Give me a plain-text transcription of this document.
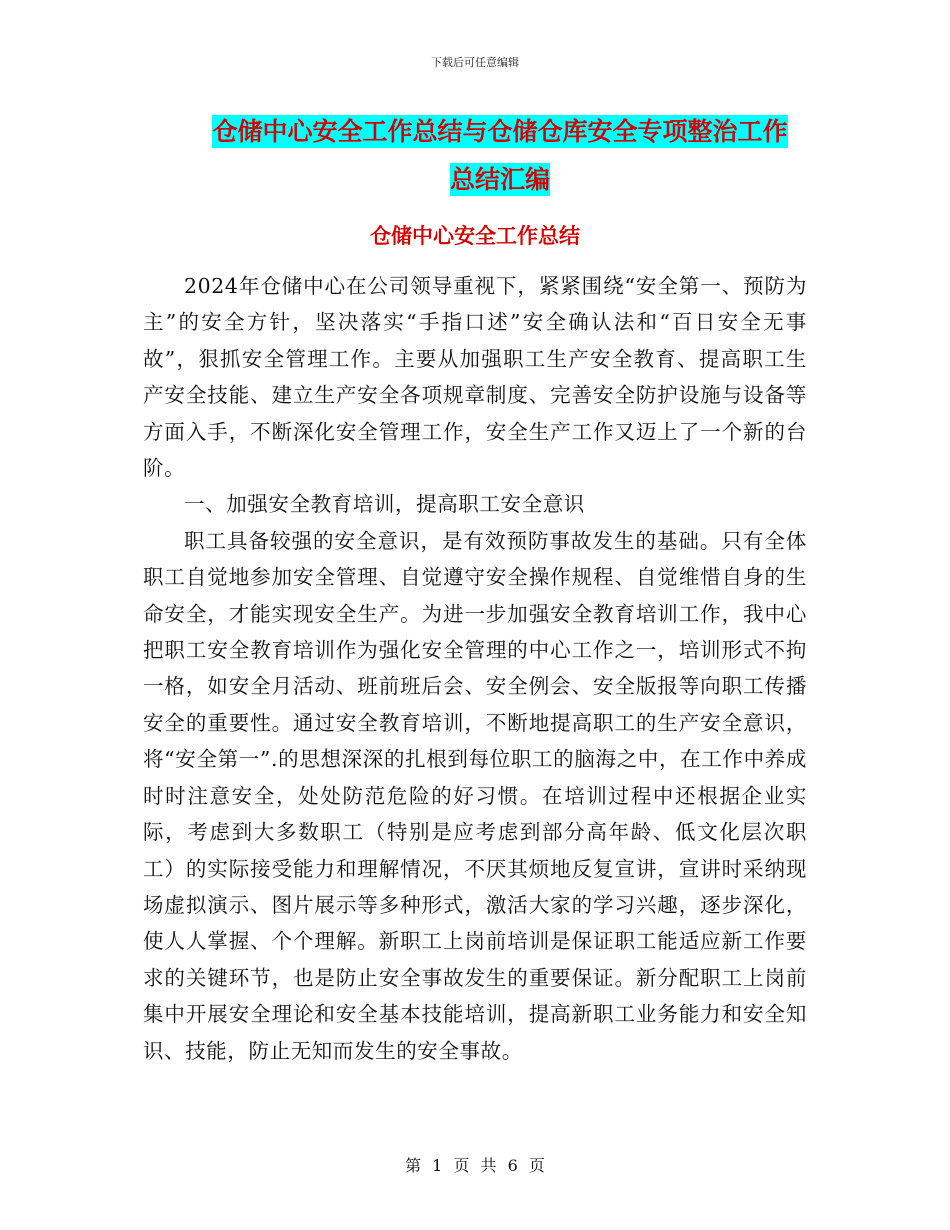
下载后可任意编辑
仓储中心安全工作总结与仓储仓库安全专项整治工作
总结汇编
仓储中心安全工作总结

2024年仓储中心在公司领导重视下，紧紧围绕“安全第一、预防为主”的安全方针，坚决落实“手指口述”安全确认法和“百日安全无事故”，狠抓安全管理工作。主要从加强职工生产安全教育、提高职工生产安全技能、建立生产安全各项规章制度、完善安全防护设施与设备等方面入手，不断深化安全管理工作，安全生产工作又迈上了一个新的台阶。

一、加强安全教育培训，提高职工安全意识

职工具备较强的安全意识，是有效预防事故发生的基础。只有全体职工自觉地参加安全管理、自觉遵守安全操作规程、自觉维惜自身的生命安全，才能实现安全生产。为进一步加强安全教育培训工作，我中心把职工安全教育培训作为强化安全管理的中心工作之一，培训形式不拘一格，如安全月活动、班前班后会、安全例会、安全版报等向职工传播安全的重要性。通过安全教育培训，不断地提高职工的生产安全意识，将“安全第一”.的思想深深的扎根到每位职工的脑海之中，在工作中养成时时注意安全，处处防范危险的好习惯。在培训过程中还根据企业实际，考虑到大多数职工（特别是应考虑到部分高年龄、低文化层次职工）的实际接受能力和理解情况，不厌其烦地反复宣讲，宣讲时采纳现场虚拟演示、图片展示等多种形式，激活大家的学习兴趣，逐步深化，使人人掌握、个个理解。新职工上岗前培训是保证职工能适应新工作要求的关键环节，也是防止安全事故发生的重要保证。新分配职工上岗前集中开展安全理论和安全基本技能培训，提高新职工业务能力和安全知识、技能，防止无知而发生的安全事故。

第 1 页 共 6 页
